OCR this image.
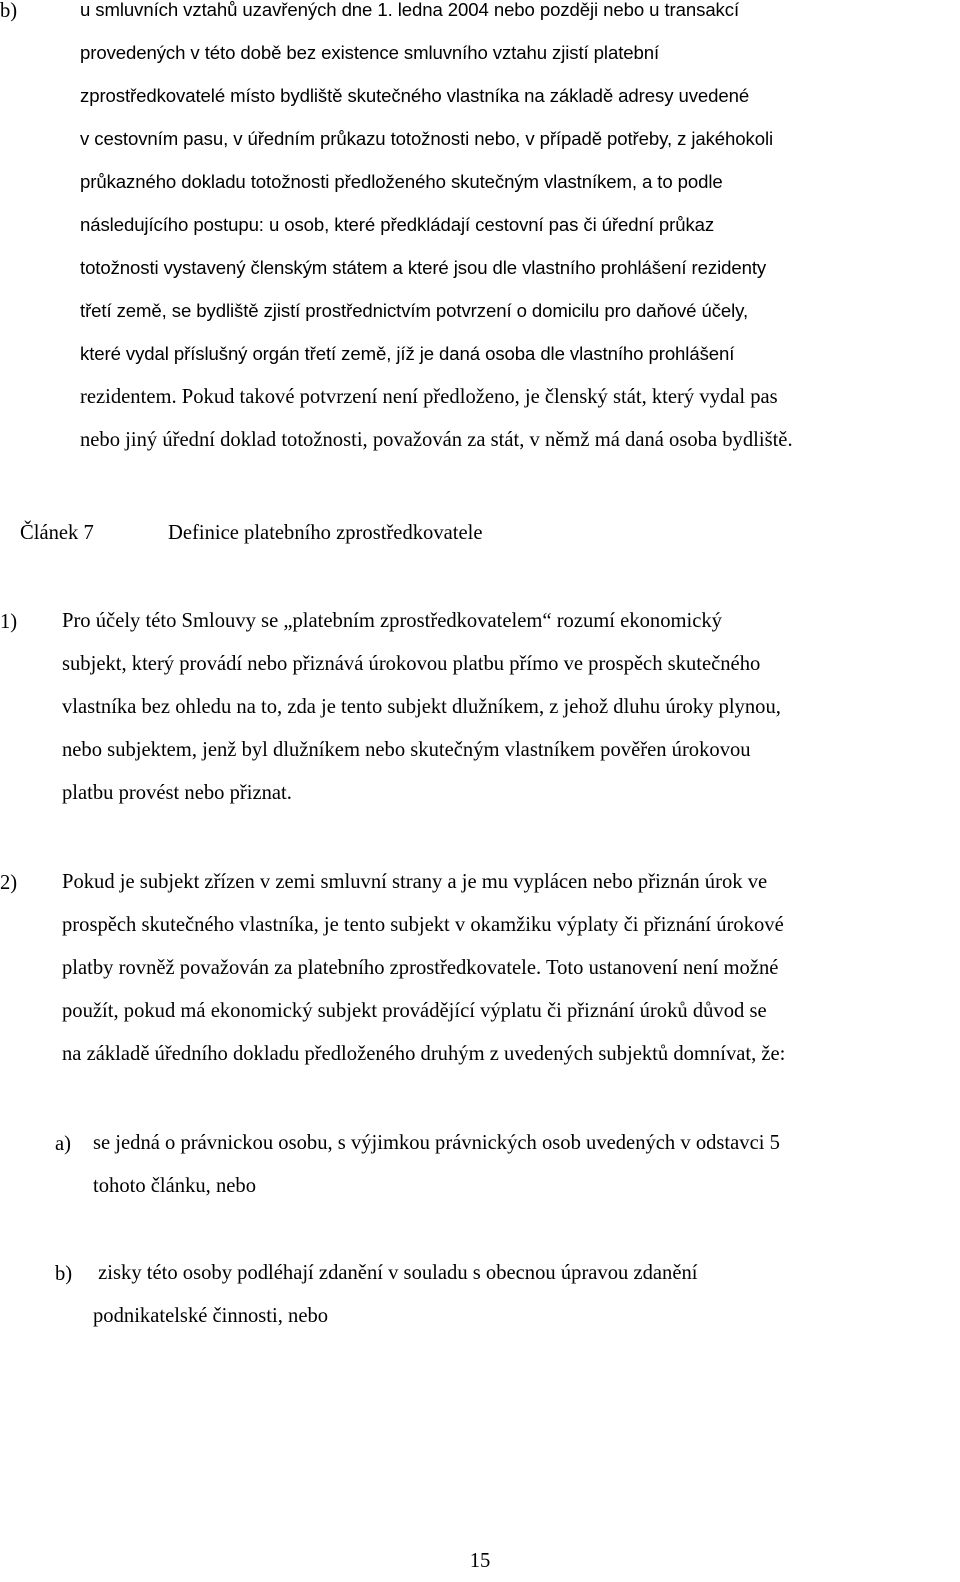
b)	u smluvních vztahů uzavřených dne 1. ledna 2004 nebo později nebo u transakcí
provedených v této době bez existence smluvního vztahu zjistí platební
zprostředkovatelé místo bydliště skutečného vlastníka na základě adresy uvedené
v cestovním pasu, v úředním průkazu totožnosti nebo, v případě potřeby, z jakéhokoli
průkazného dokladu totožnosti předloženého skutečným vlastníkem, a to podle
následujícího postupu: u osob, které předkládají cestovní pas či úřední průkaz
totožnosti vystavený členským státem a které jsou dle vlastního prohlášení rezidenty
třetí země, se bydliště zjistí prostřednictvím potvrzení o domicilu pro daňové účely,
které vydal příslušný orgán třetí země, jíž je daná osoba dle vlastního prohlášení
rezidentem. Pokud takové potvrzení není předloženo, je členský stát, který vydal pas
nebo jiný úřední doklad totožnosti, považován za stát, v němž má daná osoba bydliště.
Článek 7	Definice platebního zprostředkovatele
1) Pro účely této Smlouvy se „platebním zprostředkovatelem“ rozumí ekonomický
subjekt, který provádí nebo přiznává úrokovou platbu přímo ve prospěch skutečného
vlastníka bez ohledu na to, zda je tento subjekt dlužníkem, z jehož dluhu úroky plynou,
nebo subjektem, jenž byl dlužníkem nebo skutečným vlastníkem pověřen úrokovou
platbu provést nebo přiznat.
2) Pokud je subjekt zřízen v zemi smluvní strany a je mu vyplácen nebo přiznán úrok ve
prospěch skutečného vlastníka, je tento subjekt v okamžiku výplaty či přiznání úrokové
platby rovněž považován za platebního zprostředkovatele. Toto ustanovení není možné
použít, pokud má ekonomický subjekt provádějící výplatu či přiznání úroků důvod se
na základě úředního dokladu předloženého druhým z uvedených subjektů domnívat, že:
a) se jedná o právnickou osobu, s výjimkou právnických osob uvedených v odstavci 5
tohoto článku, nebo
b) zisky této osoby podléhají zdanění v souladu s obecnou úpravou zdanění
podnikatelské činnosti, nebo
15
